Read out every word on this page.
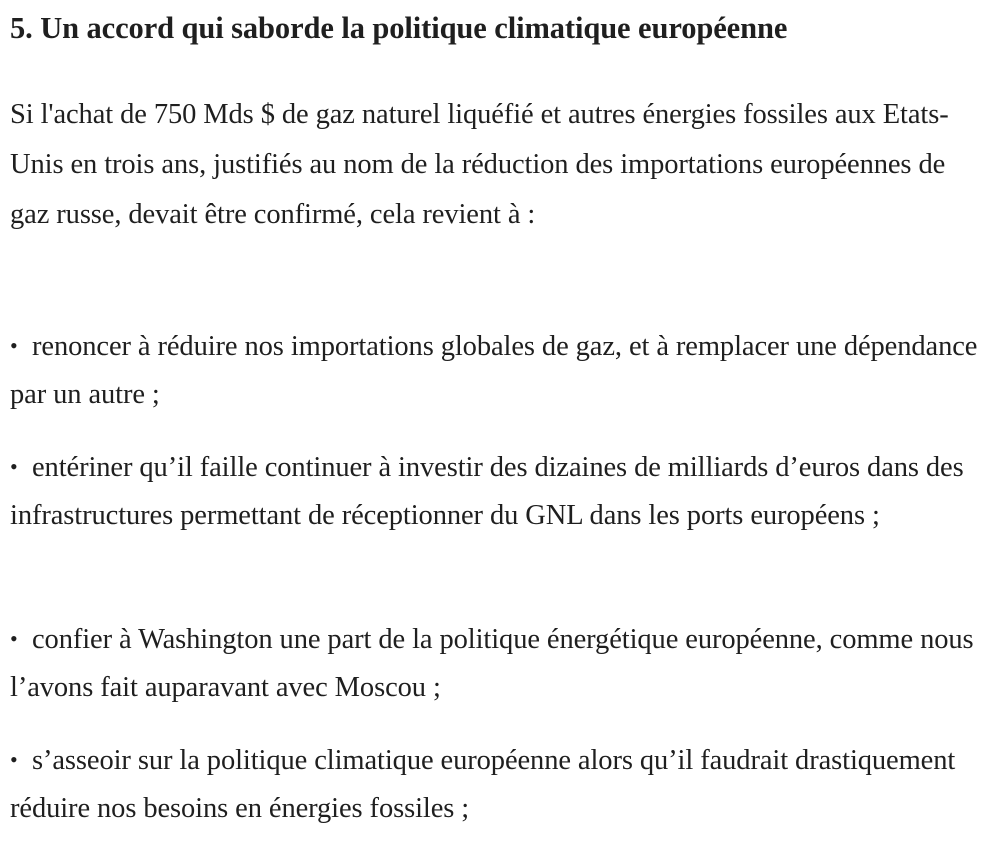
5. Un accord qui saborde la politique climatique européenne

Si l'achat de 750 Mds $ de gaz naturel liquéfié et autres énergies fossiles aux Etats-Unis en trois ans, justifiés au nom de la réduction des importations européennes de gaz russe, devait être confirmé, cela revient à :

• renoncer à réduire nos importations globales de gaz, et à remplacer une dépendance par un autre ;
• entériner qu’il faille continuer à investir des dizaines de milliards d’euros dans des infrastructures permettant de réceptionner du GNL dans les ports européens ;
• confier à Washington une part de la politique énergétique européenne, comme nous l’avons fait auparavant avec Moscou ;
• s’asseoir sur la politique climatique européenne alors qu’il faudrait drastiquement réduire nos besoins en énergies fossiles ;
